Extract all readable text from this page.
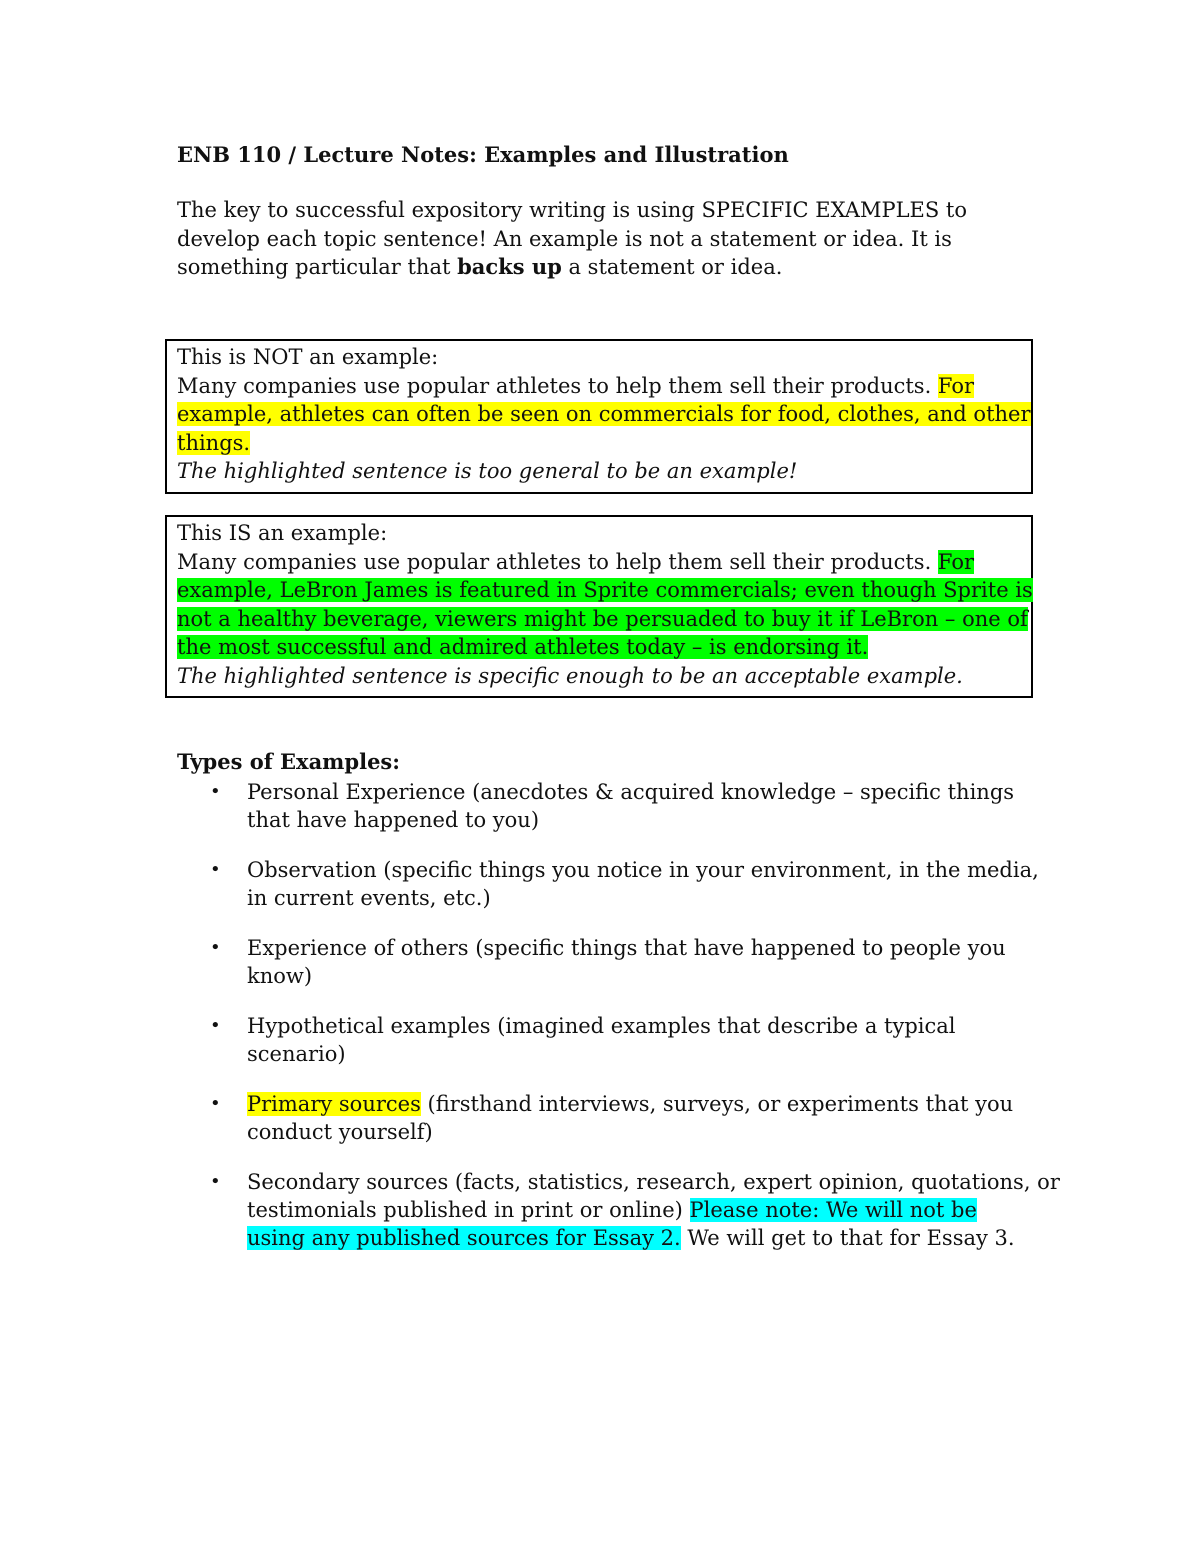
ENB 110 / Lecture Notes: Examples and Illustration
The key to successful expository writing is using SPECIFIC EXAMPLES to
develop each topic sentence! An example is not a statement or idea. It is
something particular that backs up a statement or idea.
This is NOT an example:
Many companies use popular athletes to help them sell their products. For
example, athletes can often be seen on commercials for food, clothes, and other
things.
The highlighted sentence is too general to be an example!
This IS an example:
Many companies use popular athletes to help them sell their products. For
example, LeBron James is featured in Sprite commercials; even though Sprite is
not a healthy beverage, viewers might be persuaded to buy it if LeBron – one of
the most successful and admired athletes today – is endorsing it.
The highlighted sentence is specific enough to be an acceptable example.
Types of Examples:
• Personal Experience (anecdotes & acquired knowledge – specific things
that have happened to you)
• Observation (specific things you notice in your environment, in the media,
in current events, etc.)
• Experience of others (specific things that have happened to people you
know)
• Hypothetical examples (imagined examples that describe a typical
scenario)
• Primary sources (firsthand interviews, surveys, or experiments that you
conduct yourself)
• Secondary sources (facts, statistics, research, expert opinion, quotations, or
testimonials published in print or online) Please note: We will not be
using any published sources for Essay 2. We will get to that for Essay 3.
